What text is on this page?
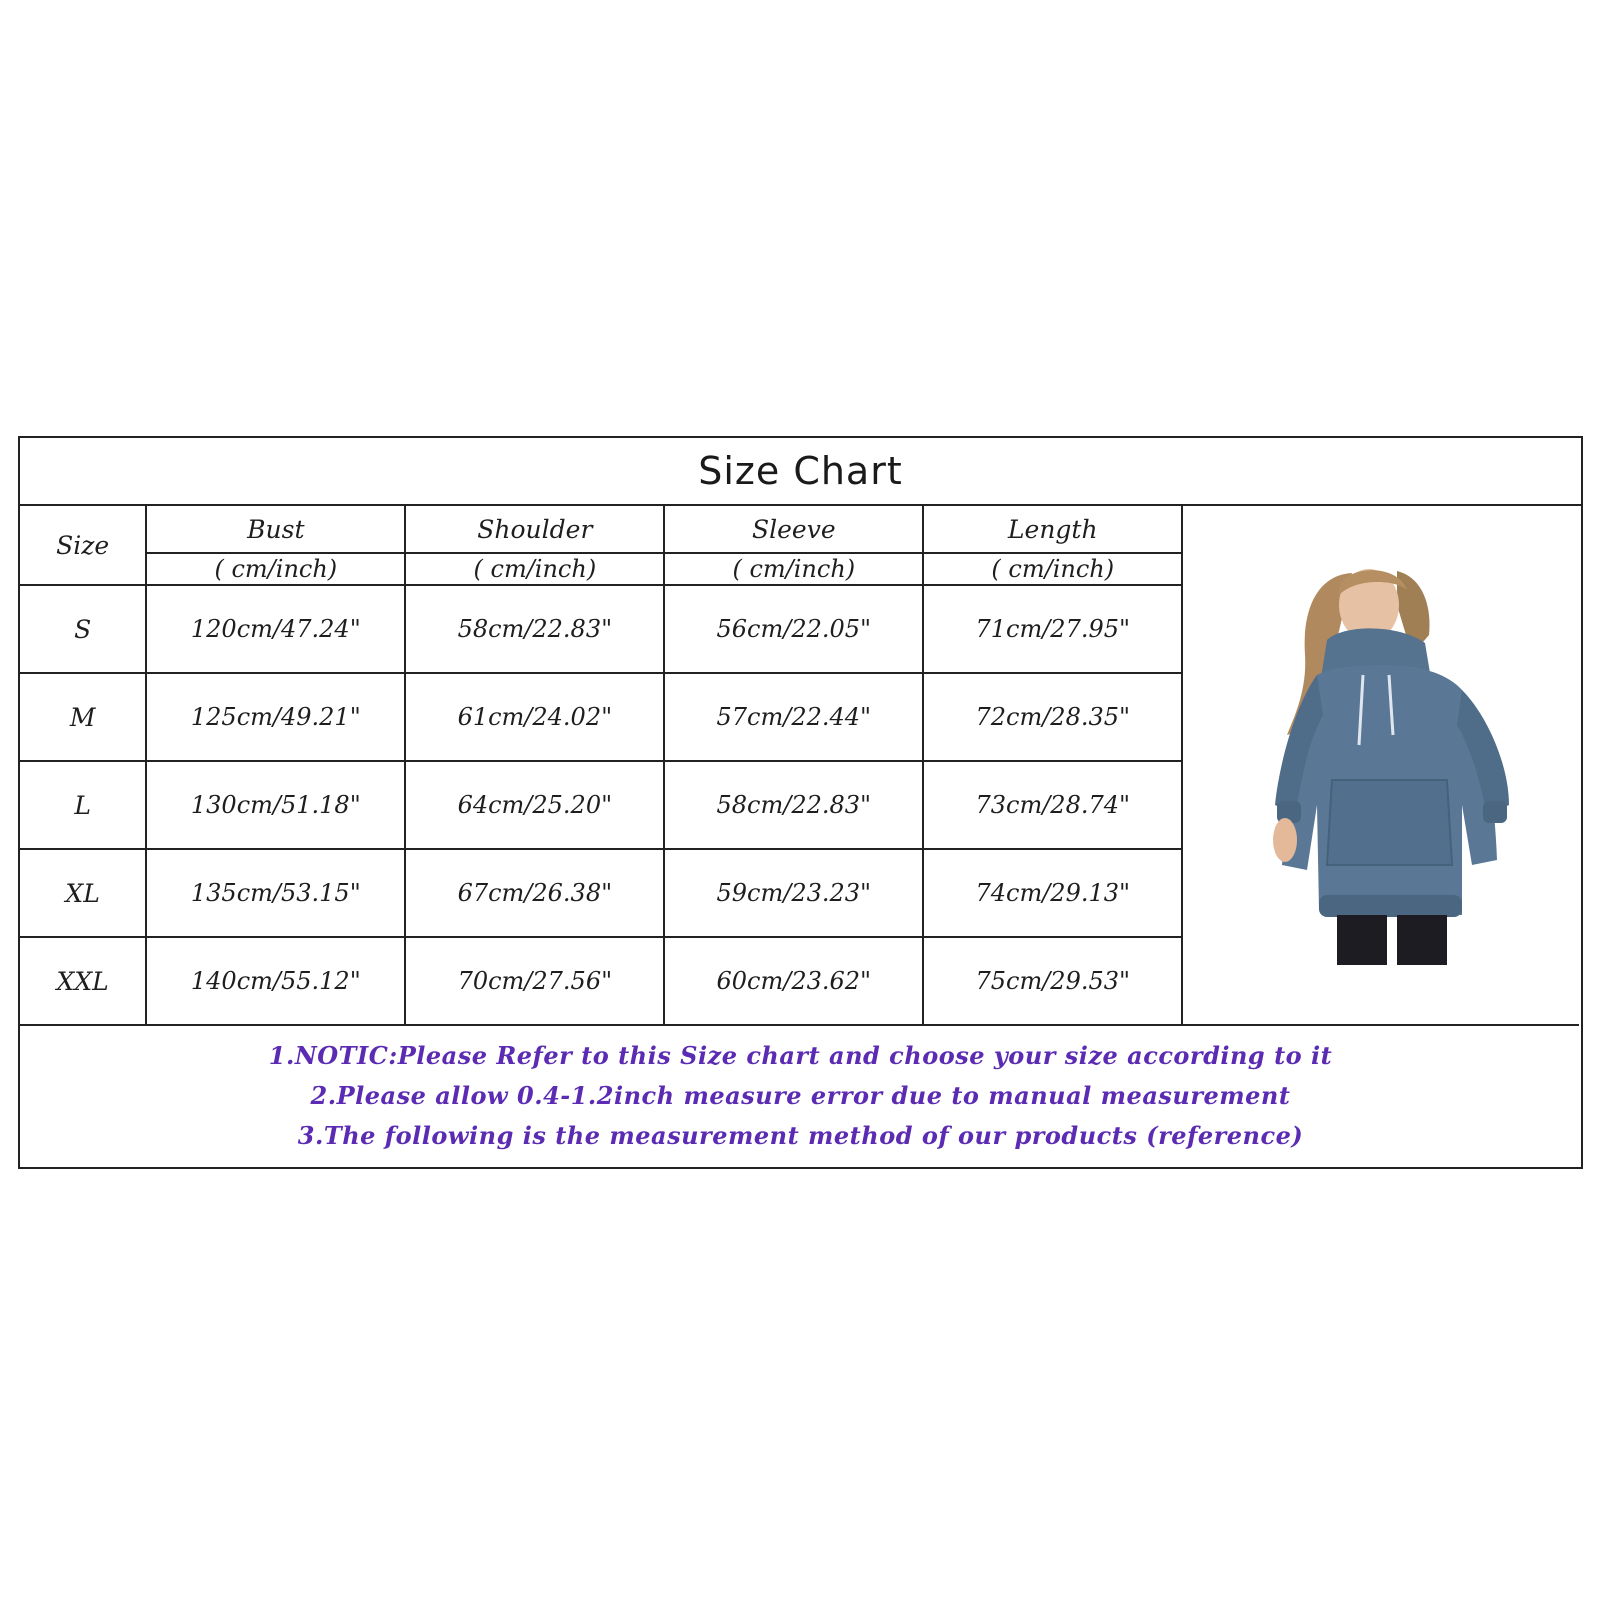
Size Chart
Size	Bust	Shoulder	Sleeve	Length	

	( cm/inch)	( cm/inch)	( cm/inch)	( cm/inch)	
S	120cm/47.24"	58cm/22.83"	56cm/22.05"	71cm/27.95"	
M	125cm/49.21"	61cm/24.02"	57cm/22.44"	72cm/28.35"	
L	130cm/51.18"	64cm/25.20"	58cm/22.83"	73cm/28.74"	
XL	135cm/53.15"	67cm/26.38"	59cm/23.23"	74cm/29.13"	
XXL	140cm/55.12"	70cm/27.56"	60cm/23.62"	75cm/29.53"	
1.NOTIC:Please Refer to this Size chart and choose your size according to it
2.Please allow 0.4-1.2inch measure error due to manual measurement
3.The following is the measurement method of our products (reference)
